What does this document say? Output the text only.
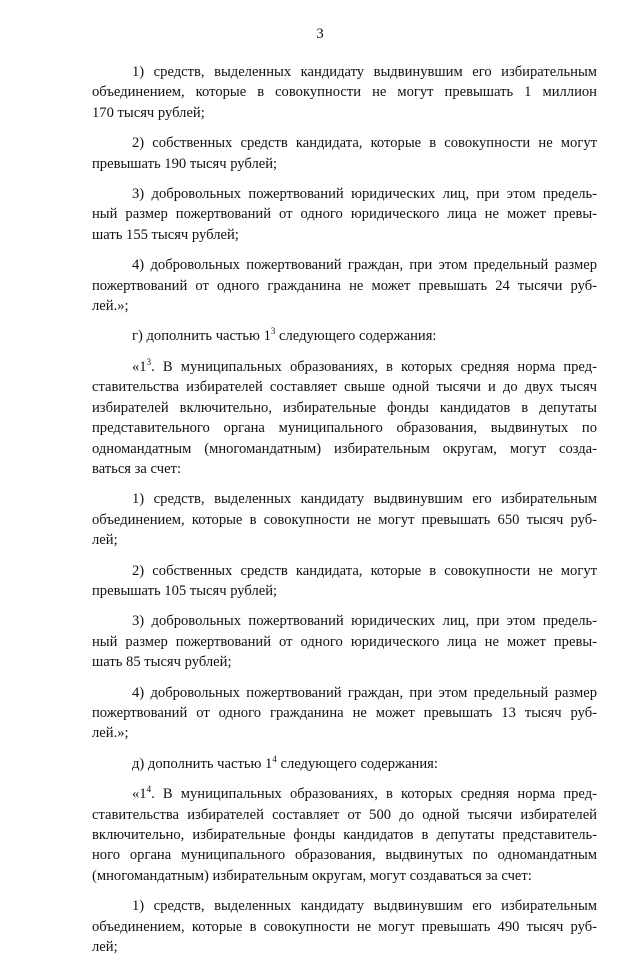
3

1) средств, выделенных кандидату выдвинувшим его избирательным
объединением, которые в совокупности не могут превышать 1 миллион
170 тысяч рублей;

2) собственных средств кандидата, которые в совокупности не могут
превышать 190 тысяч рублей;

3) добровольных пожертвований юридических лиц, при этом предель-
ный размер пожертвований от одного юридического лица не может превы-
шать 155 тысяч рублей;

4) добровольных пожертвований граждан, при этом предельный размер
пожертвований от одного гражданина не может превышать 24 тысячи руб-
лей.»;

г) дополнить частью $1^3$ следующего содержания:

«$1^3$. В муниципальных образованиях, в которых средняя норма пред-
ставительства избирателей составляет свыше одной тысячи и до двух тысяч
избирателей включительно, избирательные фонды кандидатов в депутаты
представительного органа муниципального образования, выдвинутых по
одномандатным (многомандатным) избирательным округам, могут созда-
ваться за счет:

1) средств, выделенных кандидату выдвинувшим его избирательным
объединением, которые в совокупности не могут превышать 650 тысяч руб-
лей;

2) собственных средств кандидата, которые в совокупности не могут
превышать 105 тысяч рублей;

3) добровольных пожертвований юридических лиц, при этом предель-
ный размер пожертвований от одного юридического лица не может превы-
шать 85 тысяч рублей;

4) добровольных пожертвований граждан, при этом предельный размер
пожертвований от одного гражданина не может превышать 13 тысяч руб-
лей.»;

д) дополнить частью $1^4$ следующего содержания:

«$1^4$. В муниципальных образованиях, в которых средняя норма пред-
ставительства избирателей составляет от 500 до одной тысячи избирателей
включительно, избирательные фонды кандидатов в депутаты представитель-
ного органа муниципального образования, выдвинутых по одномандатным
(многомандатным) избирательным округам, могут создаваться за счет:

1) средств, выделенных кандидату выдвинувшим его избирательным
объединением, которые в совокупности не могут превышать 490 тысяч руб-
лей;
